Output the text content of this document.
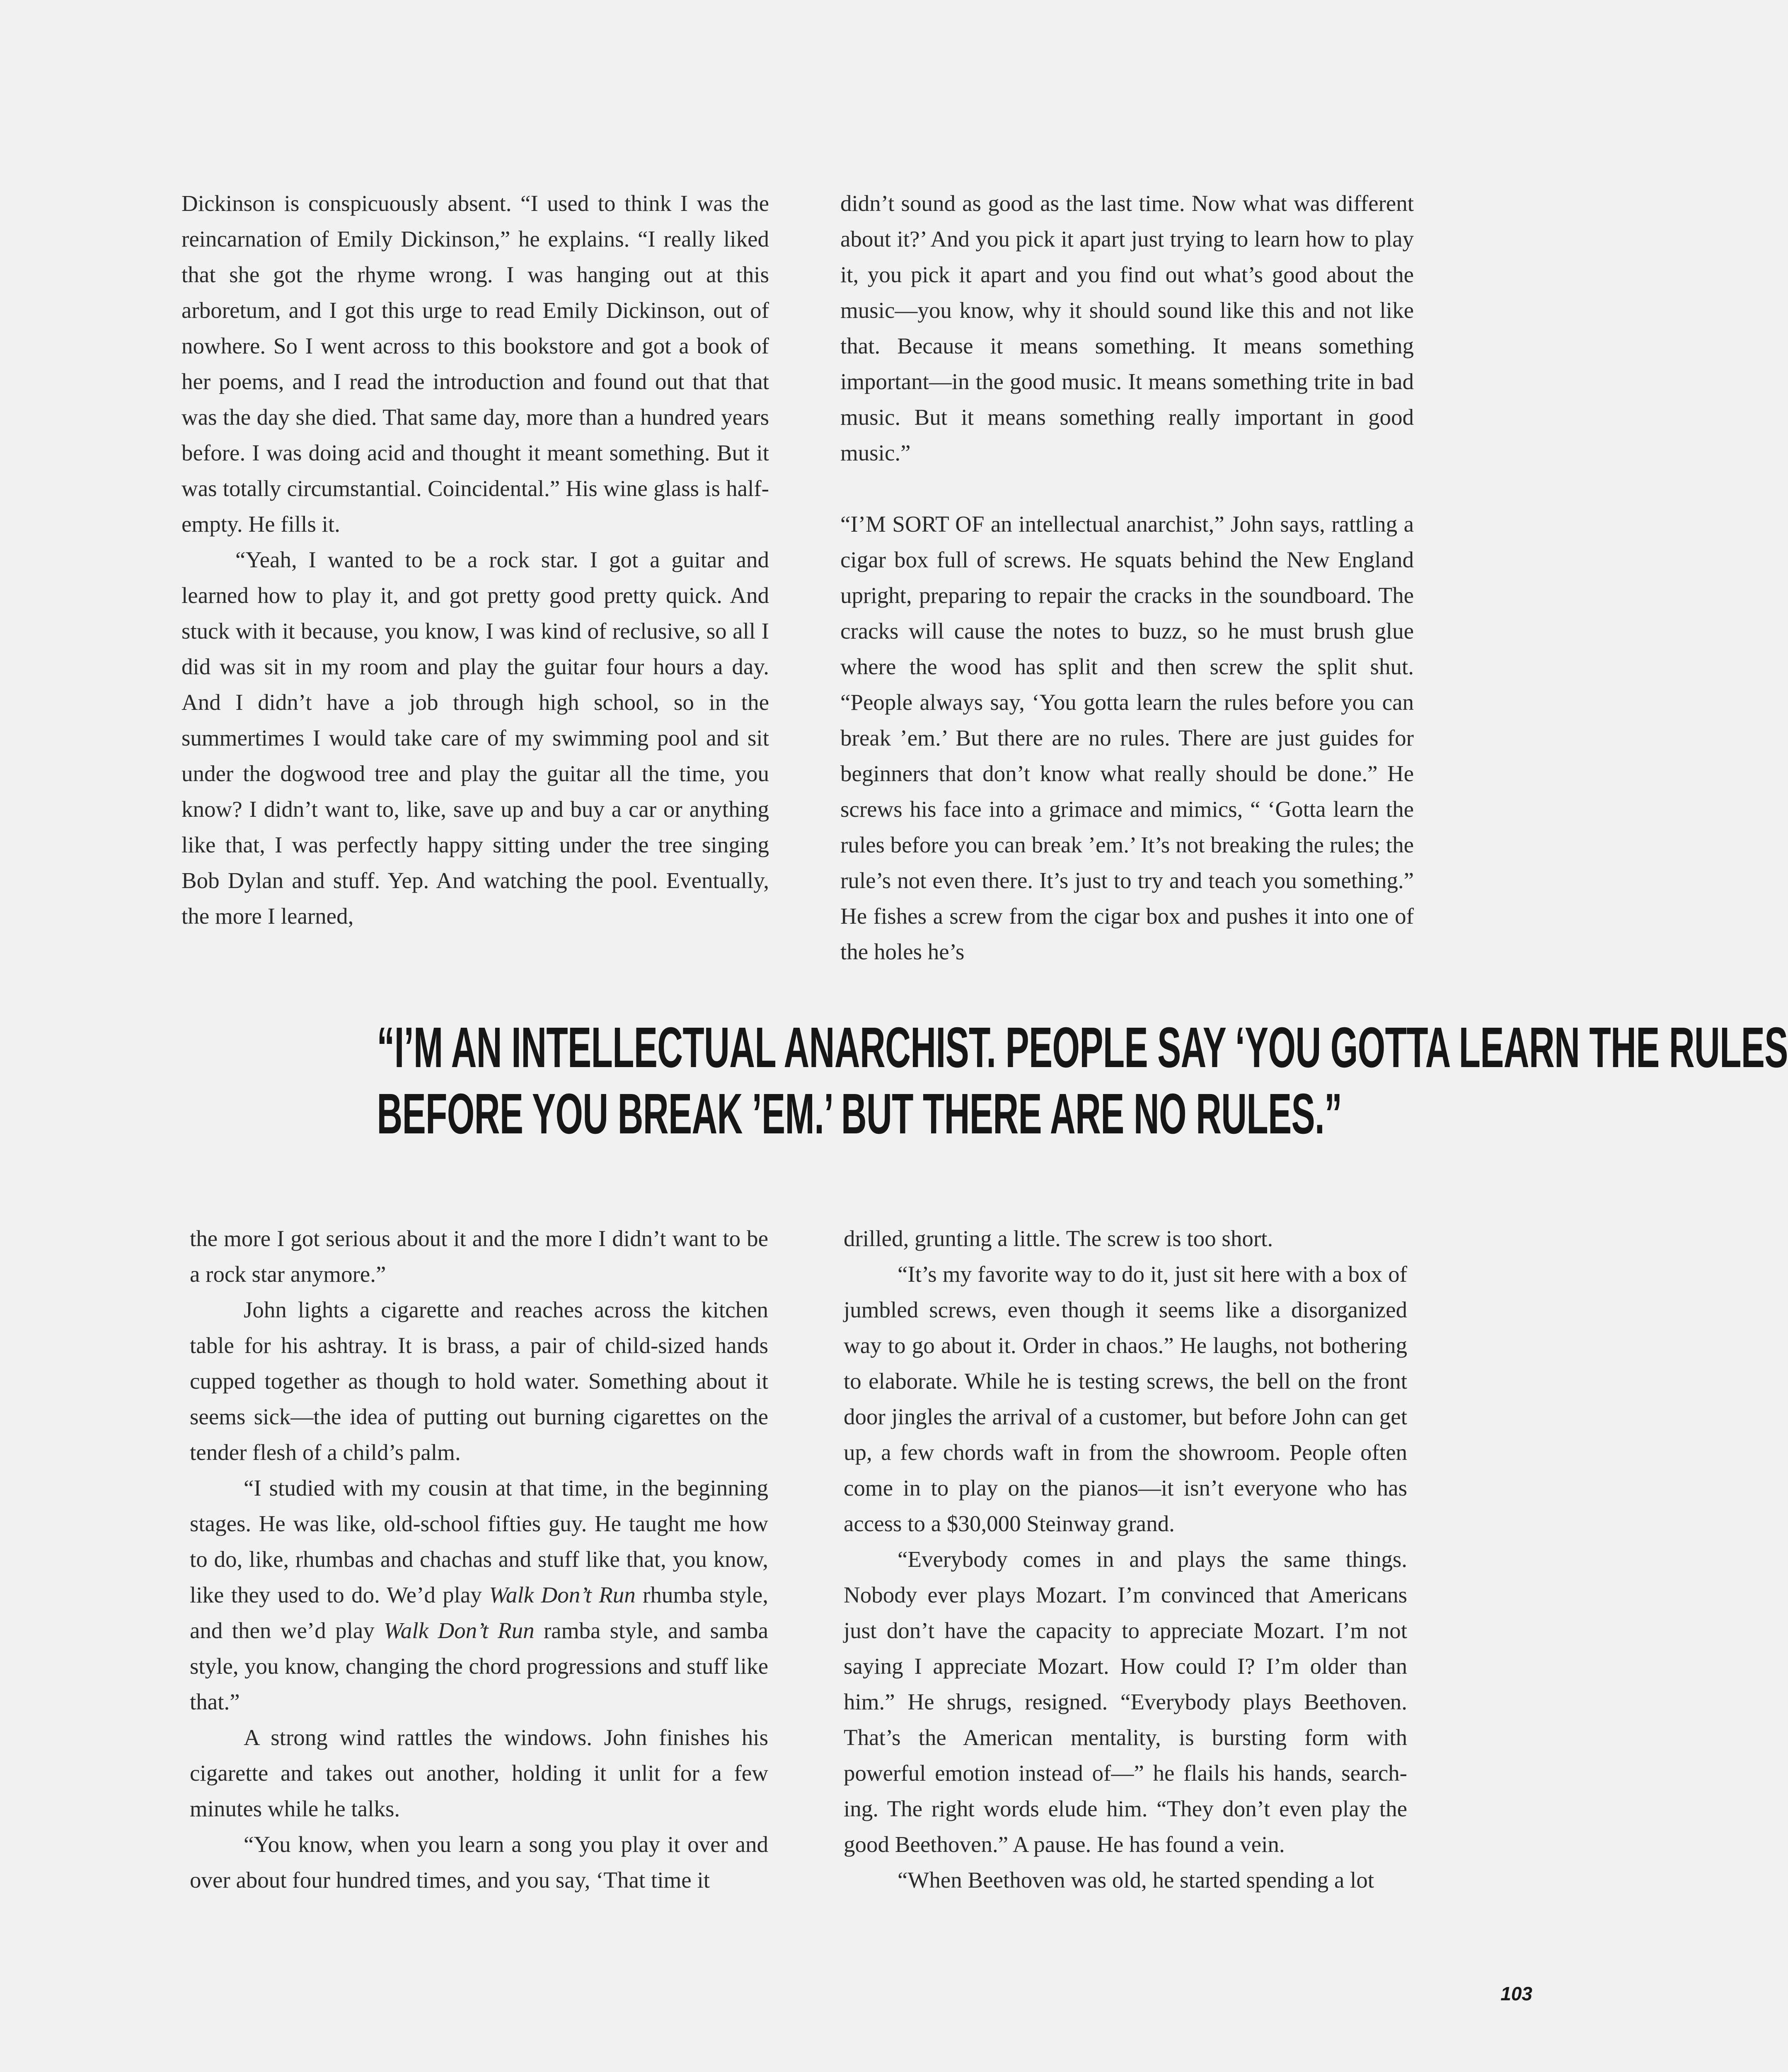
Dickinson is conspicuously absent. “I used to think I was the reincarnation of Emily Dickinson,” he explains. “I really liked that she got the rhyme wrong. I was hanging out at this arboretum, and I got this urge to read Emily Dickinson, out of nowhere. So I went across to this bookstore and got a book of her poems, and I read the introduction and found out that that was the day she died. That same day, more than a hundred years before. I was doing acid and thought it meant something. But it was totally circumstantial. Coincidental.” His wine glass is half-empty. He fills it.

“Yeah, I wanted to be a rock star. I got a guitar and learned how to play it, and got pretty good pretty quick. And stuck with it because, you know, I was kind of reclusive, so all I did was sit in my room and play the guitar four hours a day. And I didn’t have a job through high school, so in the summertimes I would take care of my swimming pool and sit under the dogwood tree and play the guitar all the time, you know? I didn’t want to, like, save up and buy a car or anything like that, I was perfectly happy sitting under the tree singing Bob Dylan and stuff. Yep. And watching the pool. Eventually, the more I learned,

didn’t sound as good as the last time. Now what was different about it?’ And you pick it apart just trying to learn how to play it, you pick it apart and you find out what’s good about the music—you know, why it should sound like this and not like that. Because it means something. It means something important—in the good music. It means something trite in bad music. But it means something really important in good music.”

“I’M SORT OF an intellectual anarchist,” John says, rattling a cigar box full of screws. He squats behind the New England upright, preparing to repair the cracks in the soundboard. The cracks will cause the notes to buzz, so he must brush glue where the wood has split and then screw the split shut. “People always say, ‘You gotta learn the rules before you can break ’em.’ But there are no rules. There are just guides for beginners that don’t know what really should be done.” He screws his face into a grimace and mimics, “ ‘Gotta learn the rules before you can break ’em.’ It’s not breaking the rules; the rule’s not even there. It’s just to try and teach you something.” He fishes a screw from the cigar box and pushes it into one of the holes he’s

“I’M AN INTELLECTUAL ANARCHIST. PEOPLE SAY ‘YOU GOTTA LEARN THE RULES
BEFORE YOU BREAK ’EM.’ BUT THERE ARE NO RULES.”

the more I got serious about it and the more I didn’t want to be a rock star anymore.”

John lights a cigarette and reaches across the kitchen table for his ashtray. It is brass, a pair of child-sized hands cupped together as though to hold water. Something about it seems sick—the idea of putting out burning cigarettes on the tender flesh of a child’s palm.

“I studied with my cousin at that time, in the beginning stages. He was like, old-school fifties guy. He taught me how to do, like, rhumbas and chachas and stuff like that, you know, like they used to do. We’d play Walk Don’t Run rhumba style, and then we’d play Walk Don’t Run ramba style, and samba style, you know, changing the chord progressions and stuff like that.”

A strong wind rattles the windows. John finishes his cigarette and takes out another, holding it unlit for a few minutes while he talks.

“You know, when you learn a song you play it over and over about four hundred times, and you say, ‘That time it

drilled, grunting a little. The screw is too short.

“It’s my favorite way to do it, just sit here with a box of jumbled screws, even though it seems like a disorganized way to go about it. Order in chaos.” He laughs, not bothering to elaborate. While he is testing screws, the bell on the front door jingles the arrival of a customer, but before John can get up, a few chords waft in from the showroom. People often come in to play on the pianos—it isn’t everyone who has access to a $30,000 Steinway grand.

“Everybody comes in and plays the same things. Nobody ever plays Mozart. I’m convinced that Americans just don’t have the capacity to appreciate Mozart. I’m not saying I appreciate Mozart. How could I? I’m older than him.” He shrugs, resigned. “Everybody plays Beethoven. That’s the American mentality, is bursting form with powerful emotion instead of—” he flails his hands, searching. The right words elude him. “They don’t even play the good Beethoven.” A pause. He has found a vein.

“When Beethoven was old, he started spending a lot

103
